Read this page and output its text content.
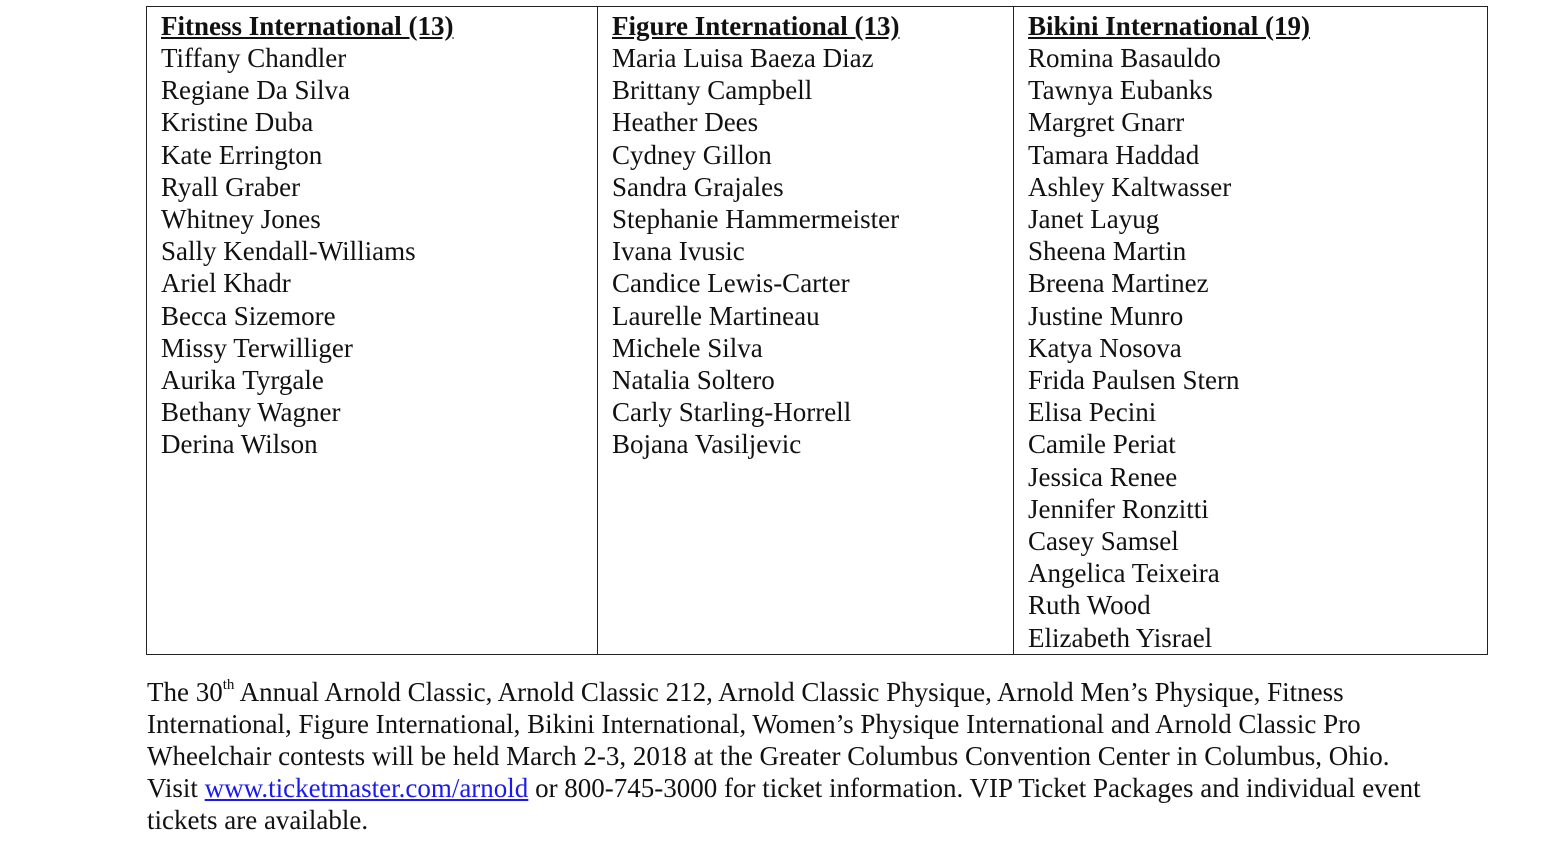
Fitness International (13)
Tiffany Chandler
Regiane Da Silva
Kristine Duba
Kate Errington
Ryall Graber
Whitney Jones
Sally Kendall-Williams
Ariel Khadr
Becca Sizemore
Missy Terwilliger
Aurika Tyrgale
Bethany Wagner
Derina Wilson

Figure International (13)
Maria Luisa Baeza Diaz
Brittany Campbell
Heather Dees
Cydney Gillon
Sandra Grajales
Stephanie Hammermeister
Ivana Ivusic
Candice Lewis-Carter
Laurelle Martineau
Michele Silva
Natalia Soltero
Carly Starling-Horrell
Bojana Vasiljevic

Bikini International (19)
Romina Basauldo
Tawnya Eubanks
Margret Gnarr
Tamara Haddad
Ashley Kaltwasser
Janet Layug
Sheena Martin
Breena Martinez
Justine Munro
Katya Nosova
Frida Paulsen Stern
Elisa Pecini
Camile Periat
Jessica Renee
Jennifer Ronzitti
Casey Samsel
Angelica Teixeira
Ruth Wood
Elizabeth Yisrael

The 30th Annual Arnold Classic, Arnold Classic 212, Arnold Classic Physique, Arnold Men’s Physique, Fitness International, Figure International, Bikini International, Women’s Physique International and Arnold Classic Pro Wheelchair contests will be held March 2-3, 2018 at the Greater Columbus Convention Center in Columbus, Ohio. Visit www.ticketmaster.com/arnold or 800-745-3000 for ticket information. VIP Ticket Packages and individual event tickets are available.
